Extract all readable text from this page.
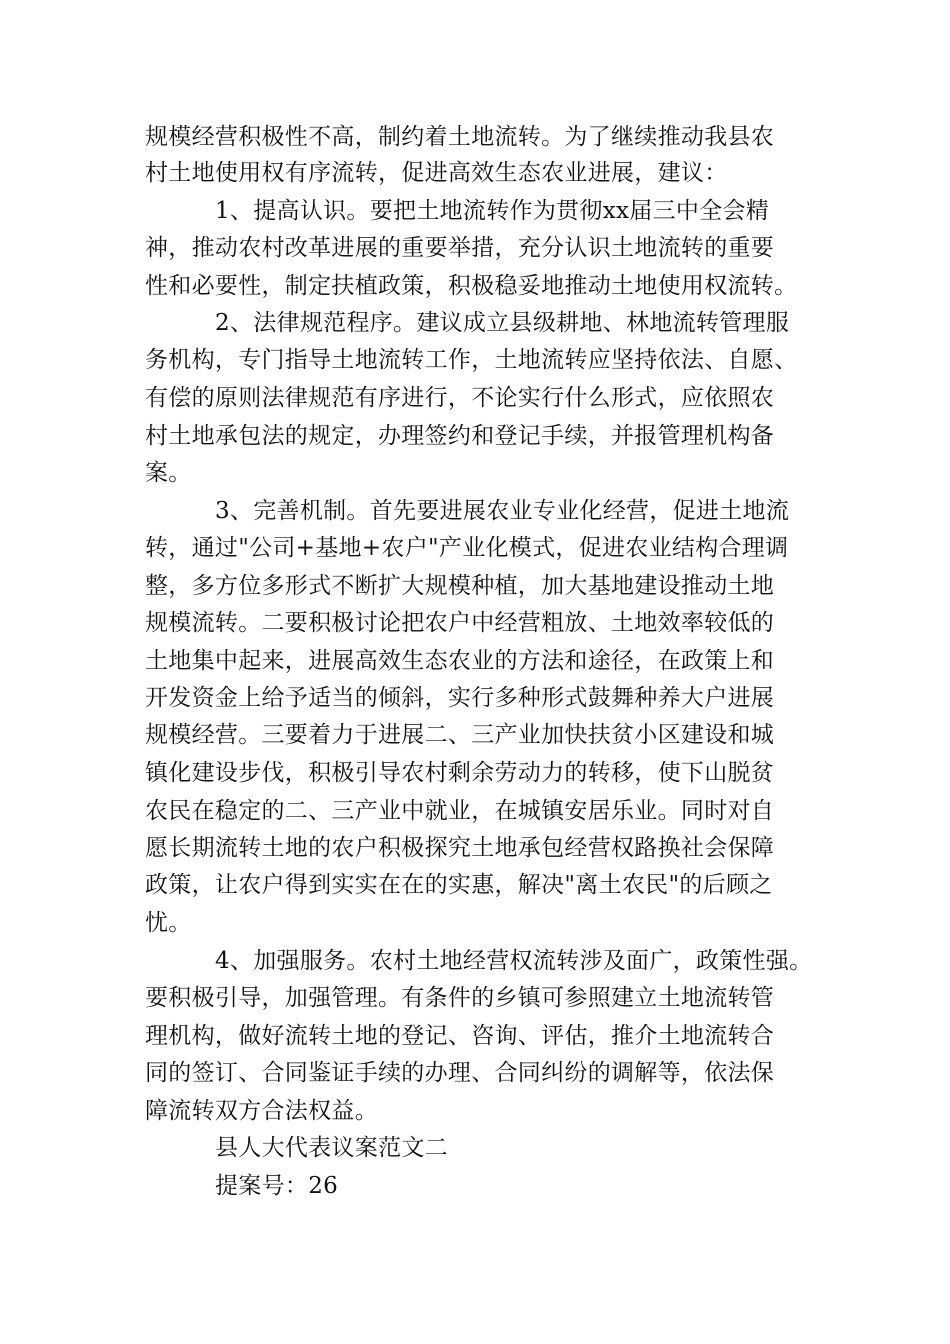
规模经营积极性不高，制约着土地流转。为了继续推动我县农
村土地使用权有序流转，促进高效生态农业进展，建议：
1、提高认识。要把土地流转作为贯彻xx届三中全会精
神，推动农村改革进展的重要举措，充分认识土地流转的重要
性和必要性，制定扶植政策，积极稳妥地推动土地使用权流转。
2、法律规范程序。建议成立县级耕地、林地流转管理服
务机构，专门指导土地流转工作，土地流转应坚持依法、自愿、
有偿的原则法律规范有序进行，不论实行什么形式，应依照农
村土地承包法的规定，办理签约和登记手续，并报管理机构备
案。
3、完善机制。首先要进展农业专业化经营，促进土地流
转，通过"公司+基地+农户"产业化模式，促进农业结构合理调
整，多方位多形式不断扩大规模种植，加大基地建设推动土地
规模流转。二要积极讨论把农户中经营粗放、土地效率较低的
土地集中起来，进展高效生态农业的方法和途径，在政策上和
开发资金上给予适当的倾斜，实行多种形式鼓舞种养大户进展
规模经营。三要着力于进展二、三产业加快扶贫小区建设和城
镇化建设步伐，积极引导农村剩余劳动力的转移，使下山脱贫
农民在稳定的二、三产业中就业，在城镇安居乐业。同时对自
愿长期流转土地的农户积极探究土地承包经营权路换社会保障
政策，让农户得到实实在在的实惠，解决"离土农民"的后顾之
忧。
4、加强服务。农村土地经营权流转涉及面广，政策性强。
要积极引导，加强管理。有条件的乡镇可参照建立土地流转管
理机构，做好流转土地的登记、咨询、评估，推介土地流转合
同的签订、合同鉴证手续的办理、合同纠纷的调解等，依法保
障流转双方合法权益。
县人大代表议案范文二
提案号：26
